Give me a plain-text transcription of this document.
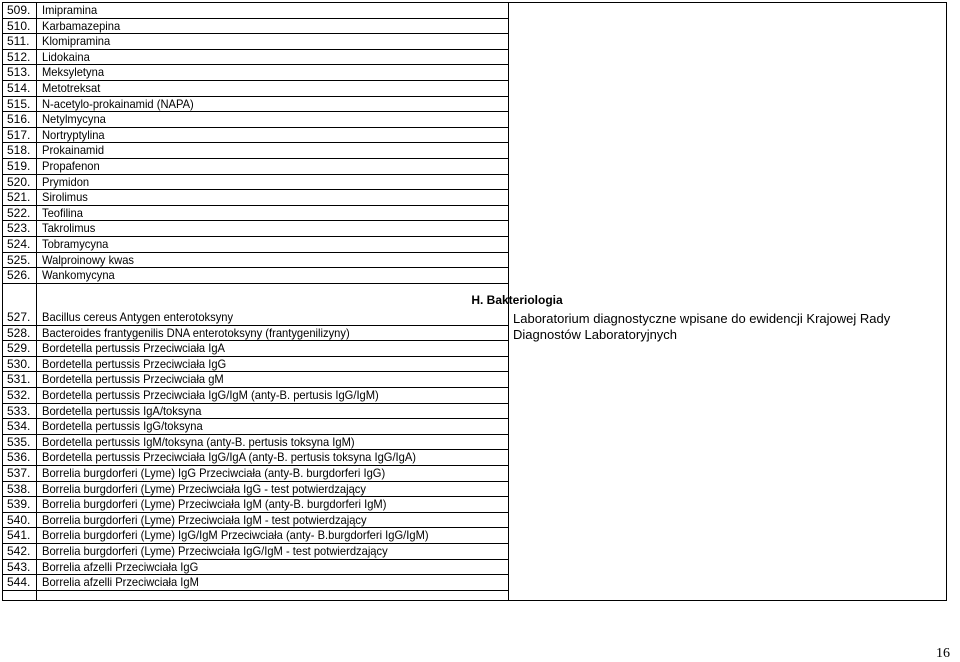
509. Imipramina
510. Karbamazepina
511.	Klomipramina
512. Lidokaina
513. Meksyletyna
514. Metotreksat
515. N-acetylo-prokainamid (NAPA)
516. Netylmycyna
517. Nortryptylina
518. Prokainamid
519. Propafenon
520. Prymidon
521. Sirolimus
522. Teofilina
523. Takrolimus
524. Tobramycyna
525. Walproinowy kwas
526. Wankomycyna
527. Bacillus cereus Antygen enterotoksyny
528. Bacteroides frantygenilis DNA enterotoksyny (frantygenilizyny)
529. Bordetella pertussis Przeciwciała IgA
530. Bordetella pertussis Przeciwciała IgG
531. Bordetella pertussis Przeciwciała gM
532. Bordetella pertussis Przeciwciała IgG/IgM (anty-B. pertusis IgG/IgM)
533. Bordetella pertussis IgA/toksyna
534. Bordetella pertussis IgG/toksyna
535. Bordetella pertussis IgM/toksyna (anty-B. pertusis toksyna IgM)
536. Bordetella pertussis Przeciwciała IgG/IgA (anty-B. pertusis toksyna IgG/IgA)
537. Borrelia burgdorferi (Lyme) IgG Przeciwciała (anty-B. burgdorferi IgG)
538. Borrelia burgdorferi (Lyme) Przeciwciała IgG - test potwierdzający
539. Borrelia burgdorferi (Lyme) Przeciwciała IgM (anty-B. burgdorferi IgM)
540. Borrelia burgdorferi (Lyme) Przeciwciała IgM - test potwierdzający
541. Borrelia burgdorferi (Lyme) IgG/IgM Przeciwciała (anty- B.burgdorferi IgG/IgM)
542. Borrelia burgdorferi (Lyme) Przeciwciała IgG/IgM - test potwierdzający
543. Borrelia afzelli Przeciwciała IgG
544. Borrelia afzelli Przeciwciała IgM
H. Bakteriologia
Laboratorium diagnostyczne wpisane do ewidencji Krajowej Rady Diagnostów Laboratoryjnych
16
